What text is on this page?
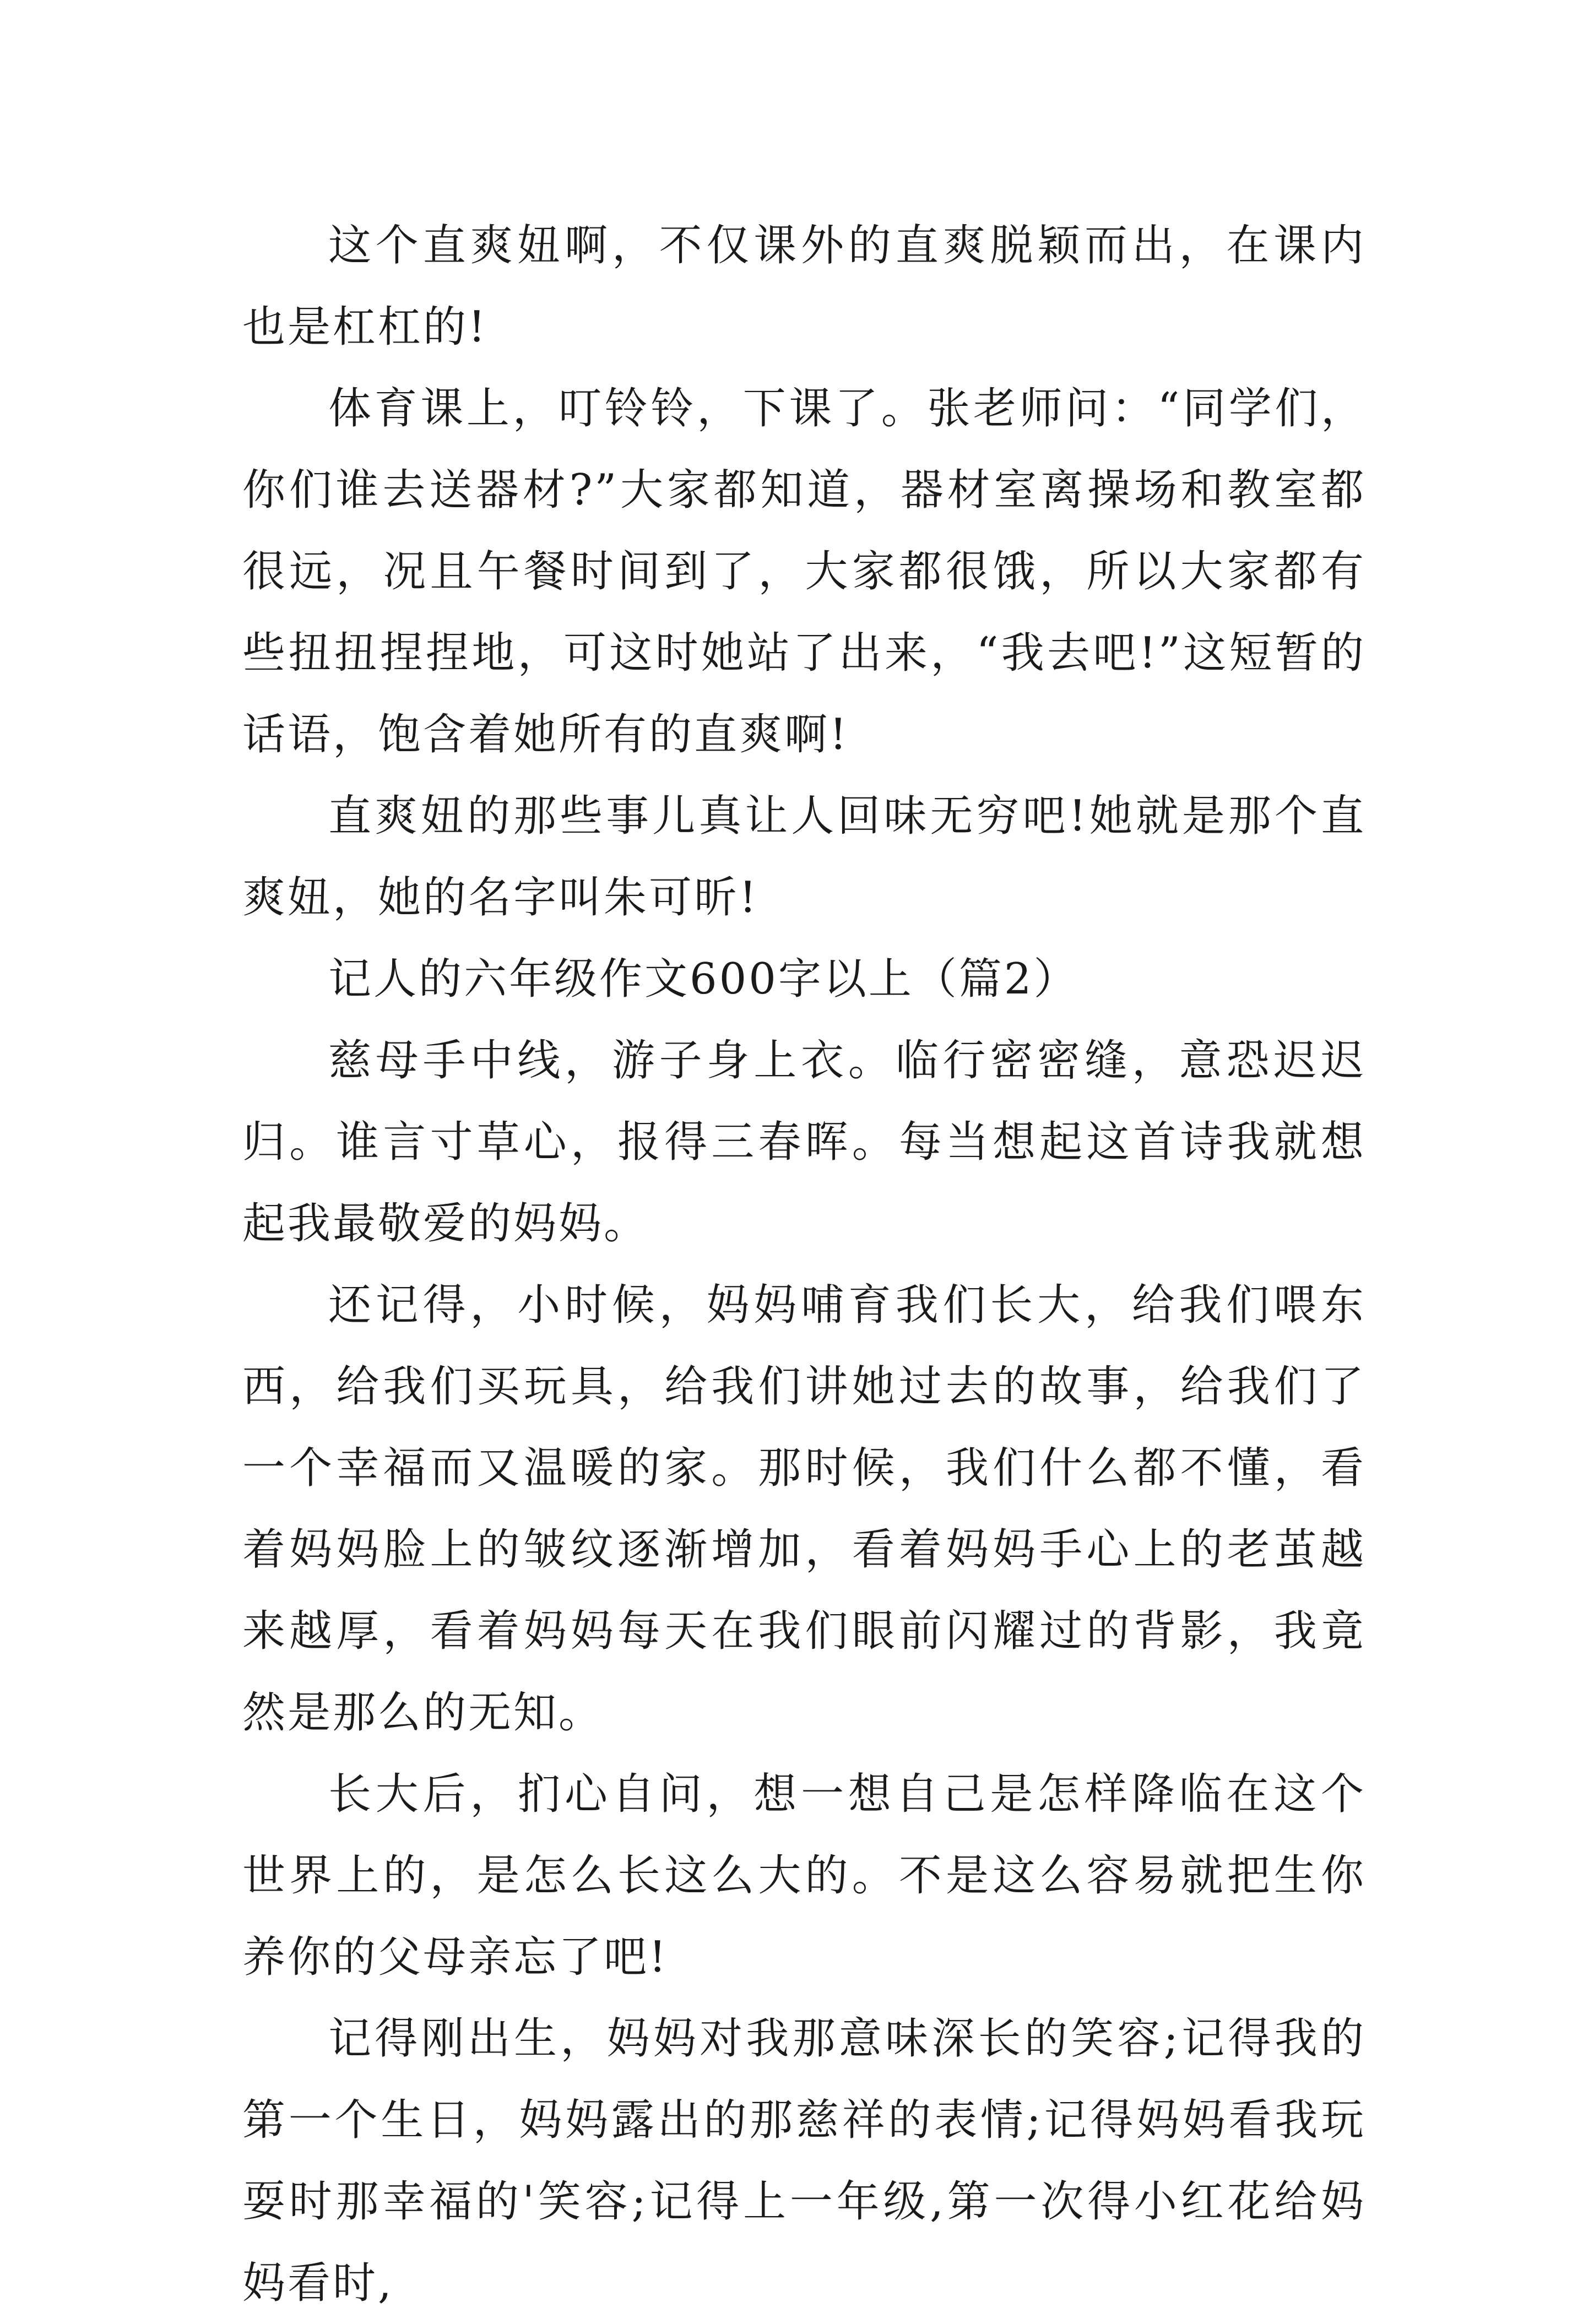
这个直爽妞啊，不仅课外的直爽脱颖而出，在课内也是杠杠的!

体育课上，叮铃铃，下课了。张老师问：“同学们，你们谁去送器材?”大家都知道，器材室离操场和教室都很远，况且午餐时间到了，大家都很饿，所以大家都有些扭扭捏捏地，可这时她站了出来，“我去吧!”这短暂的话语，饱含着她所有的直爽啊!

直爽妞的那些事儿真让人回味无穷吧!她就是那个直爽妞，她的名字叫朱可昕!

记人的六年级作文600字以上（篇2）

慈母手中线，游子身上衣。临行密密缝，意恐迟迟归。谁言寸草心，报得三春晖。每当想起这首诗我就想起我最敬爱的妈妈。

还记得，小时候，妈妈哺育我们长大，给我们喂东西，给我们买玩具，给我们讲她过去的故事，给我们了一个幸福而又温暖的家。那时候，我们什么都不懂，看着妈妈脸上的皱纹逐渐增加，看着妈妈手心上的老茧越来越厚，看着妈妈每天在我们眼前闪耀过的背影，我竟然是那么的无知。

长大后，扪心自问，想一想自己是怎样降临在这个世界上的，是怎么长这么大的。不是这么容易就把生你养你的父母亲忘了吧!

记得刚出生，妈妈对我那意味深长的笑容;记得我的第一个生日，妈妈露出的那慈祥的表情;记得妈妈看我玩耍时那幸福的'笑容;记得上一年级,第一次得小红花给妈妈看时,
